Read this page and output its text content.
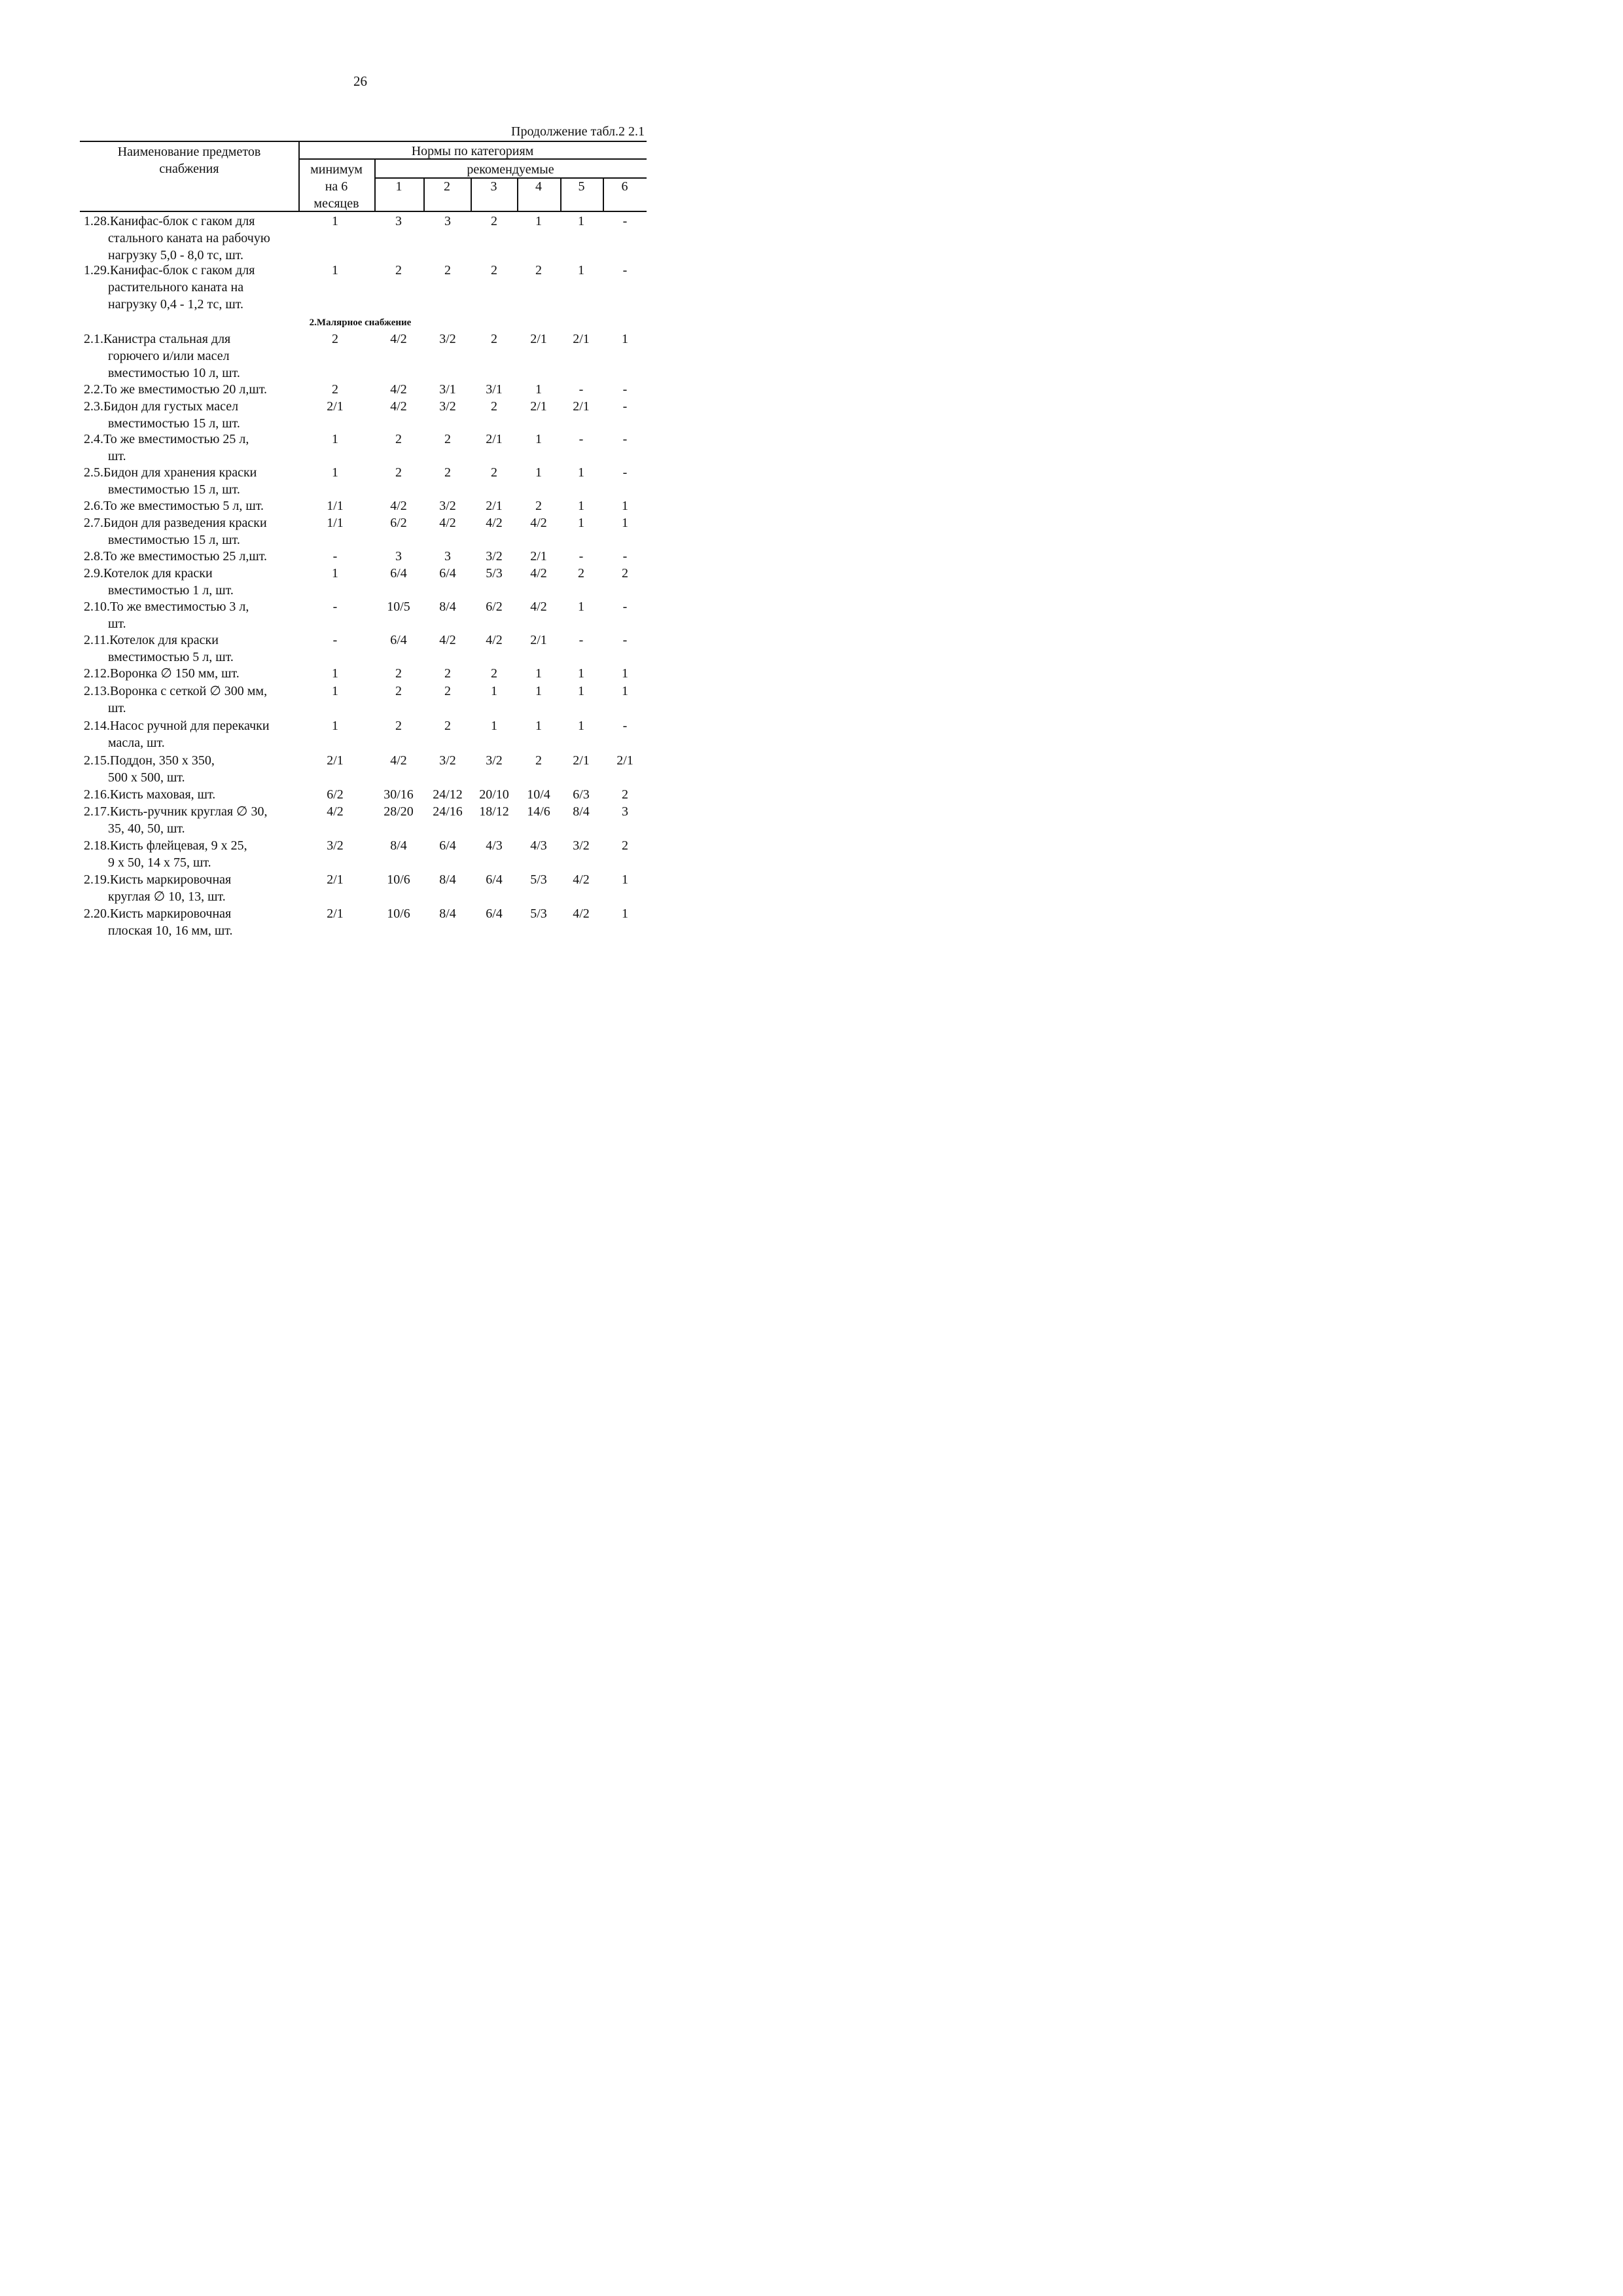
26
Продолжение табл.2 2.1
Наименование предметов
снабжения
Нормы по категориям
минимум
на 6
месяцев
рекомендуемые
1	2	3	4	5	6
2.Малярное снабжение
1.28.Канифас-блок с гаком для
стального каната на рабочую
нагрузку 5,0 - 8,0 тс, шт.
1	3	3	2	1	1	-
1.29.Канифас-блок с гаком для
растительного каната на
нагрузку 0,4 - 1,2 тс, шт.
1	2	2	2	2	1	-
2.1.Канистра стальная для
горючего и/или масел
вместимостью 10 л, шт.
2	4/2	3/2	2	2/1	2/1	1
2.2.То же вместимостью 20 л,шт.	2	4/2	3/1	3/1	1	-	-
2.3.Бидон для густых масел
вместимостью 15 л, шт.
2/1	4/2	3/2	2	2/1	2/1	-
2.4.То же вместимостью 25 л,
шт.
1	2	2	2/1	1	-	-
2.5.Бидон для хранения краски
вместимостью 15 л, шт.
1	2	2	2	1	1	-
2.6.То же вместимостью 5 л, шт.	1/1	4/2	3/2	2/1	2	1	1
2.7.Бидон для разведения краски
вместимостью 15 л, шт.
1/1	6/2	4/2	4/2	4/2	1	1
2.8.То же вместимостью 25 л,шт.	-	3	3	3/2	2/1	-	-
2.9.Котелок для краски
вместимостью 1 л, шт.
1	6/4	6/4	5/3	4/2	2	2
2.10.То же вместимостью 3 л,
шт.
-	10/5	8/4	6/2	4/2	1	-
2.11.Котелок для краски
вместимостью 5 л, шт.
-	6/4	4/2	4/2	2/1	-	-
2.12.Воронка ∅ 150 мм, шт.	1	2	2	2	1	1	1
2.13.Воронка с сеткой ∅ 300 мм,
шт.
1	2	2	1	1	1	1
2.14.Насос ручной для перекачки
масла, шт.
1	2	2	1	1	1	-
2.15.Поддон, 350 x 350,
500 x 500, шт.
2/1	4/2	3/2	3/2	2	2/1	2/1
2.16.Кисть маховая, шт.	6/2	30/16	24/12	20/10	10/4	6/3	2
2.17.Кисть-ручник круглая ∅ 30,
35, 40, 50, шт.
4/2	28/20	24/16	18/12	14/6	8/4	3
2.18.Кисть флейцевая, 9 x 25,
9 x 50, 14 x 75, шт.
3/2	8/4	6/4	4/3	4/3	3/2	2
2.19.Кисть маркировочная
круглая ∅ 10, 13, шт.
2/1	10/6	8/4	6/4	5/3	4/2	1
2.20.Кисть маркировочная
плоская 10, 16 мм, шт.
2/1	10/6	8/4	6/4	5/3	4/2	1
